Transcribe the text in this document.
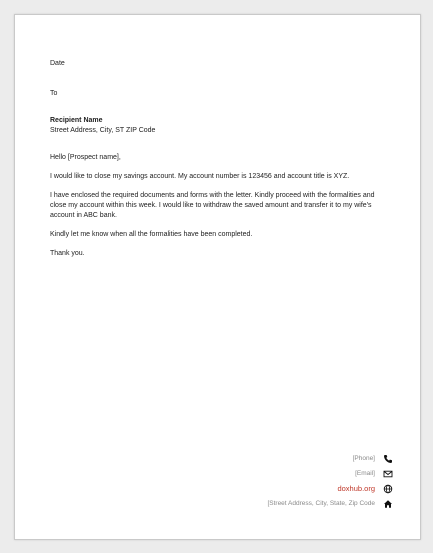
Date

To

Recipient Name

Street Address, City, ST ZIP Code

Hello [Prospect name],

I would like to close my savings account. My account number is 123456 and account title is XYZ.

I have enclosed the required documents and forms with the letter. Kindly proceed with the formalities and close my account within this week. I would like to withdraw the saved amount and transfer it to my wife's account in ABC bank.

Kindly let me know when all the formalities have been completed.

Thank you.

[Phone]
[Email]
doxhub.org
[Street Address, City, State, Zip Code
